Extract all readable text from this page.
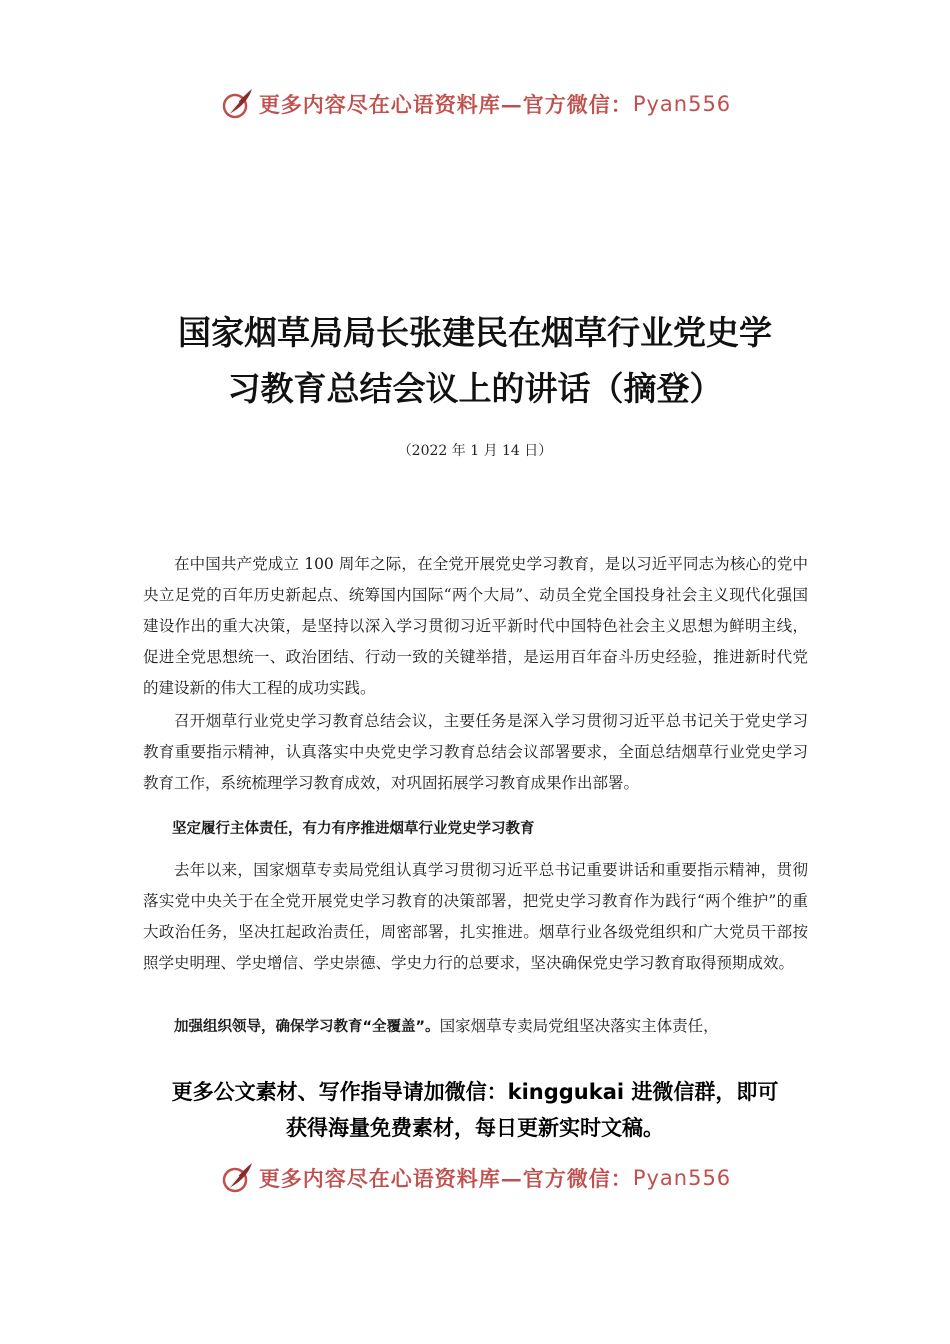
更多内容尽在心语资料库—官方微信： Pyan556
国家烟草局局长张建民在烟草行业党史学
习教育总结会议上的讲话（摘登）
（2022 年 1 月 14 日）

在中国共产党成立 100 周年之际，在全党开展党史学习教育，是以习近平同志为核心的党中央立足党的百年历史新起点、统筹国内国际“两个大局”、动员全党全国投身社会主义现代化强国建设作出的重大决策，是坚持以深入学习贯彻习近平新时代中国特色社会主义思想为鲜明主线，促进全党思想统一、政治团结、行动一致的关键举措，是运用百年奋斗历史经验，推进新时代党的建设新的伟大工程的成功实践。

召开烟草行业党史学习教育总结会议，主要任务是深入学习贯彻习近平总书记关于党史学习教育重要指示精神，认真落实中央党史学习教育总结会议部署要求，全面总结烟草行业党史学习教育工作，系统梳理学习教育成效，对巩固拓展学习教育成果作出部署。

坚定履行主体责任，有力有序推进烟草行业党史学习教育

去年以来，国家烟草专卖局党组认真学习贯彻习近平总书记重要讲话和重要指示精神，贯彻落实党中央关于在全党开展党史学习教育的决策部署，把党史学习教育作为践行“两个维护”的重大政治任务，坚决扛起政治责任，周密部署，扎实推进。烟草行业各级党组织和广大党员干部按照学史明理、学史增信、学史崇德、学史力行的总要求，坚决确保党史学习教育取得预期成效。

加强组织领导，确保学习教育“全覆盖”。国家烟草专卖局党组坚决落实主体责任，

更多公文素材、写作指导请加微信：kinggukai 进微信群，即可
获得海量免费素材，每日更新实时文稿。
更多内容尽在心语资料库—官方微信： Pyan556
